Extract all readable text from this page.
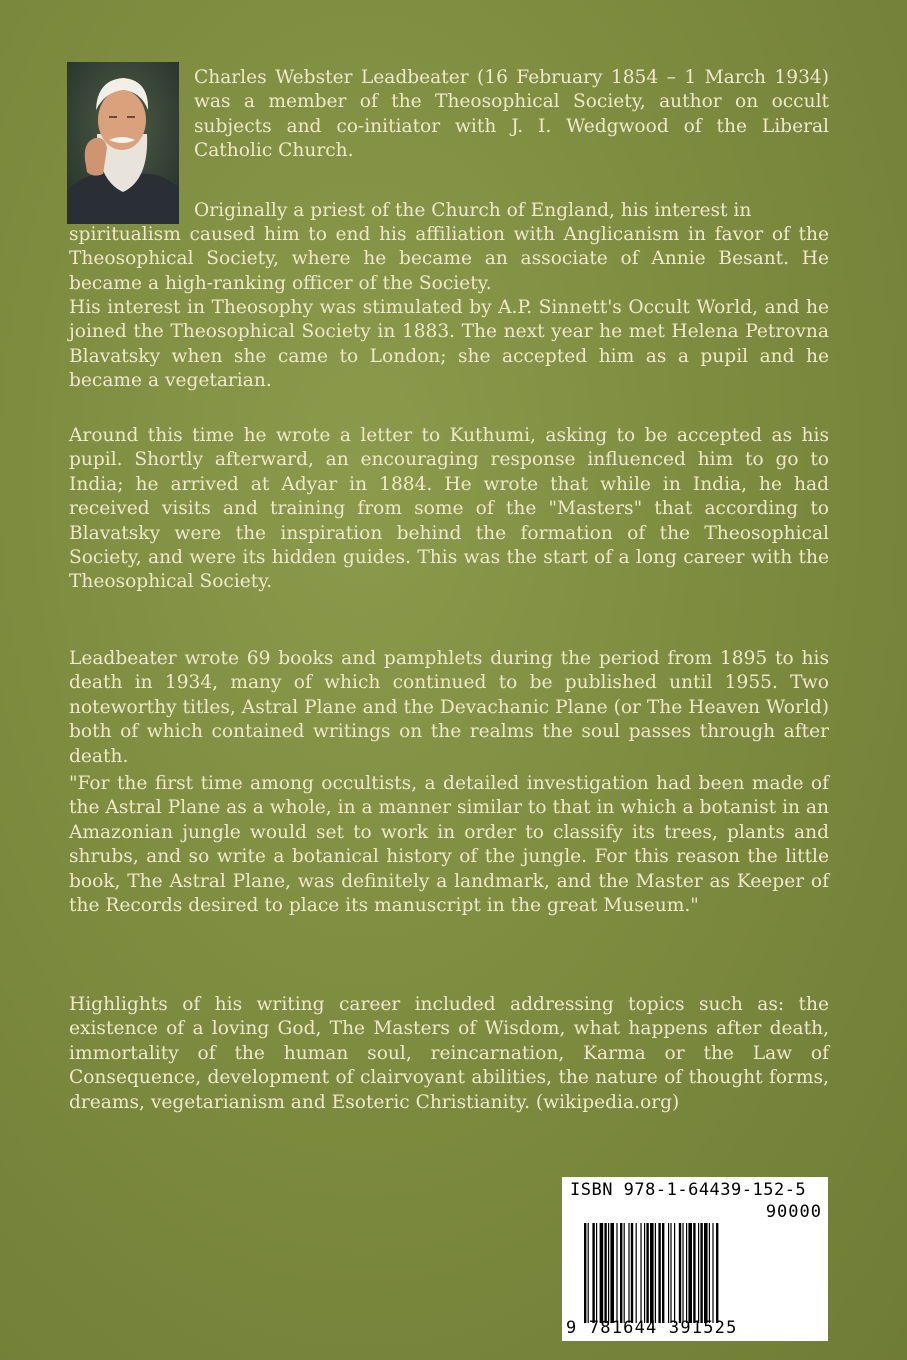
Charles Webster Leadbeater (16 February 1854 – 1 March 1934) was a member of the Theosophical Society, author on occult subjects and co-initiator with J. I. Wedgwood of the Liberal Catholic Church.

Originally a priest of the Church of England, his interest in

spiritualism caused him to end his affiliation with Anglicanism in favor of the Theosophical Society, where he became an associate of Annie Besant. He became a high-ranking officer of the Society.

His interest in Theosophy was stimulated by A.P. Sinnett's Occult World, and he joined the Theosophical Society in 1883. The next year he met Helena Petrovna Blavatsky when she came to London; she accepted him as a pupil and he became a vegetarian.

Around this time he wrote a letter to Kuthumi, asking to be accepted as his pupil. Shortly afterward, an encouraging response influenced him to go to India; he arrived at Adyar in 1884. He wrote that while in India, he had received visits and training from some of the "Masters" that according to Blavatsky were the inspiration behind the formation of the Theosophical Society, and were its hidden guides. This was the start of a long career with the Theosophical Society.

Leadbeater wrote 69 books and pamphlets during the period from 1895 to his death in 1934, many of which continued to be published until 1955. Two noteworthy titles, Astral Plane and the Devachanic Plane (or The Heaven World) both of which contained writings on the realms the soul passes through after death.

"For the first time among occultists, a detailed investigation had been made of the Astral Plane as a whole, in a manner similar to that in which a botanist in an Amazonian jungle would set to work in order to classify its trees, plants and shrubs, and so write a botanical history of the jungle. For this reason the little book, The Astral Plane, was definitely a landmark, and the Master as Keeper of the Records desired to place its manuscript in the great Museum."

Highlights of his writing career included addressing topics such as: the existence of a loving God, The Masters of Wisdom, what happens after death, immortality of the human soul, reincarnation, Karma or the Law of Consequence, development of clairvoyant abilities, the nature of thought forms, dreams, vegetarianism and Esoteric Christianity. (wikipedia.org)

ISBN 978-1-64439-152-5
90000
9 781644 391525
